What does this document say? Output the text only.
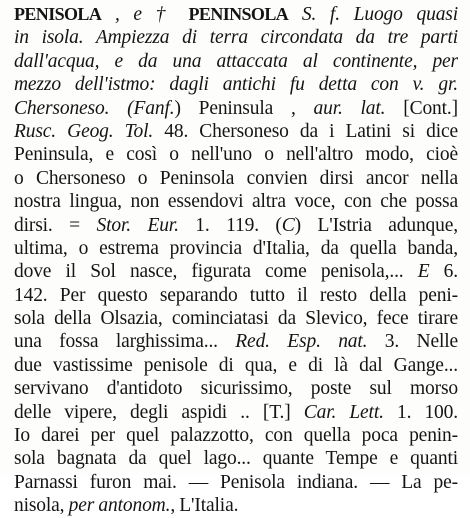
PENISOLA , e † PENINSOLA S. f. Luogo quasi
in isola. Ampiezza di terra circondata da tre parti
dall'acqua, e da una attaccata al continente, per
mezzo dell'istmo: dagli antichi fu detta con v. gr.
Chersoneso. (Fanf.) Peninsula , aur. lat. [Cont.]
Rusc. Geog. Tol. 48. Chersoneso da i Latini si dice
Peninsula, e così o nell'uno o nell'altro modo, cioè
o Chersoneso o Peninsola convien dirsi ancor nella
nostra lingua, non essendovi altra voce, con che possa
dirsi. = Stor. Eur. 1. 119. (C) L'Istria adunque,
ultima, o estrema provincia d'Italia, da quella banda,
dove il Sol nasce, figurata come penisola,... E 6.
142. Per questo separando tutto il resto della peni-
sola della Olsazia, cominciatasi da Slevico, fece tirare
una fossa larghissima... Red. Esp. nat. 3. Nelle
due vastissime penisole di qua, e di là dal Gange...
servivano d'antidoto sicurissimo, poste sul morso
delle vipere, degli aspidi .. [T.] Car. Lett. 1. 100.
Io darei per quel palazzotto, con quella poca penin-
sola bagnata da quel lago... quante Tempe e quanti
Parnassi furon mai. — Penisola indiana. — La pe-
nisola, per antonom., L'Italia.
